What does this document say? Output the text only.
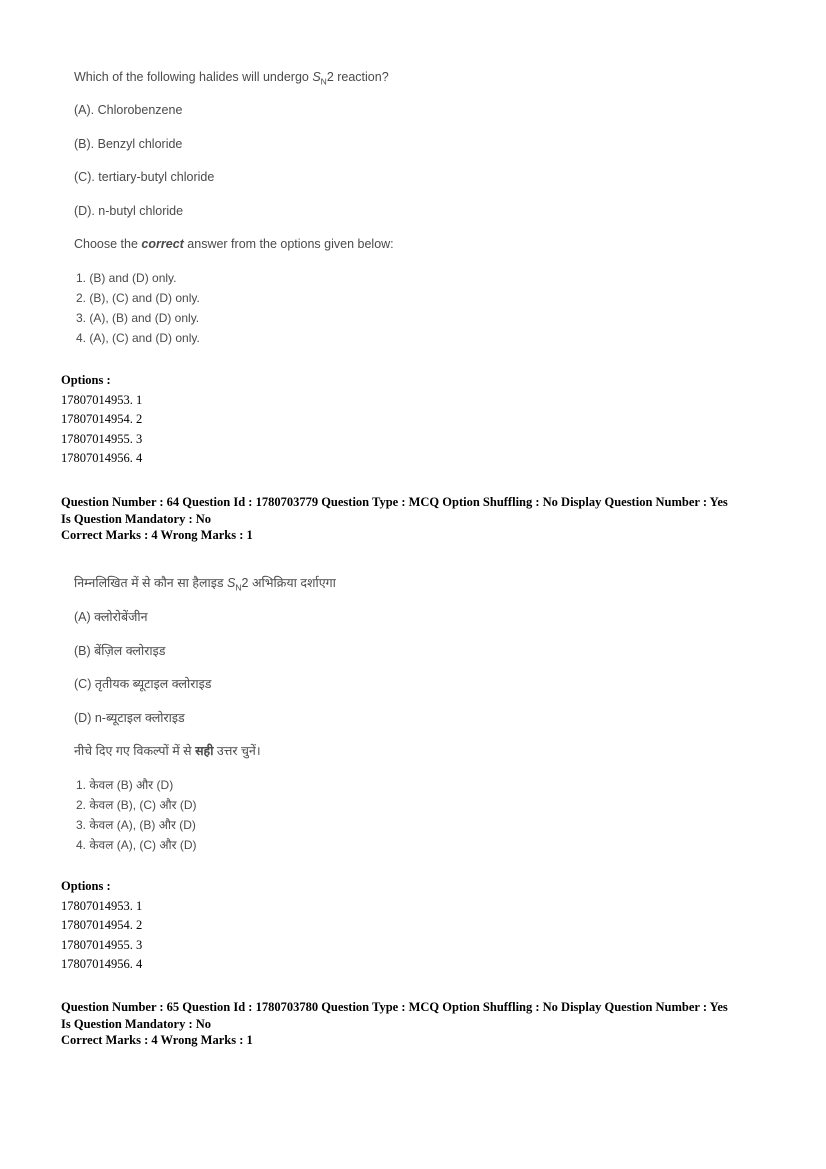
Which of the following halides will undergo $S_N2$ reaction?
(A). Chlorobenzene
(B). Benzyl chloride
(C). tertiary-butyl chloride
(D). n-butyl chloride
Choose the correct answer from the options given below:
1. (B) and (D) only.
2. (B), (C) and (D) only.
3. (A), (B) and (D) only.
4. (A), (C) and (D) only.
Options :
17807014953. 1
17807014954. 2
17807014955. 3
17807014956. 4
Question Number : 64 Question Id : 1780703779 Question Type : MCQ Option Shuffling : No Display Question Number : Yes
Is Question Mandatory : No
Correct Marks : 4 Wrong Marks : 1
निम्नलिखित में से कौन सा हैलाइड $S_N2$ अभिक्रिया दर्शाएगा
(A) क्लोरोबेंजीन
(B) बेंज़िल क्लोराइड
(C) तृतीयक ब्यूटाइल क्लोराइड
(D) n-ब्यूटाइल क्लोराइड
नीचे दिए गए विकल्पों में से सही उत्तर चुनें।
1. केवल (B) और (D)
2. केवल (B), (C) और (D)
3. केवल (A), (B) और (D)
4. केवल (A), (C) और (D)
Options :
17807014953. 1
17807014954. 2
17807014955. 3
17807014956. 4
Question Number : 65 Question Id : 1780703780 Question Type : MCQ Option Shuffling : No Display Question Number : Yes
Is Question Mandatory : No
Correct Marks : 4 Wrong Marks : 1
